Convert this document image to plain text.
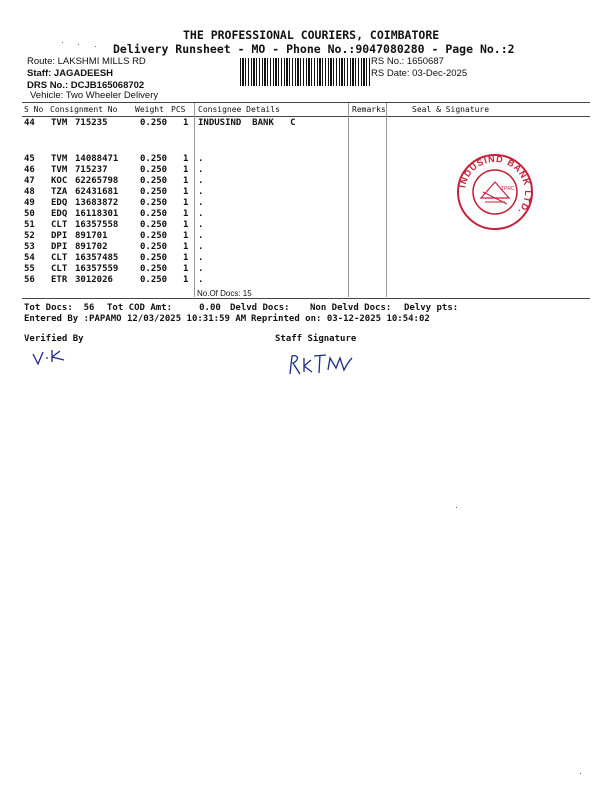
THE PROFESSIONAL COURIERS, COIMBATORE
Delivery Runsheet - MO - Phone No.:9047080280 - Page No.:2
Route: LAKSHMI MILLS RD
Staff: JAGADEESH
DRS No.: DCJB165068702
Vehicle: Two Wheeler Delivery
RS No.: 1650687
RS Date: 03-Dec-2025
S No Consignment No Weight PCS Consignee Details	Remarks	Seal & Signature
44 TVM 715235	0.250 1 INDUSIND  BANK   C
45 TVM 14088471 0.250 1 .
46 TVM 715237	0.250 1 .
47 KOC 62265798 0.250 1 .
48 TZA 62431681 0.250 1 .
49 EDQ 13683872 0.250 1 .
50 EDQ 16118301 0.250 1 .
51 CLT 16357558 0.250 1 .
52 DPI 891701	0.250 1 .
53 DPI 891702	0.250 1 .
54 CLT 16357485 0.250 1 .
55 CLT 16357559 0.250 1 .
56 ETR 3012026	0.250 1 .
No.Of Docs: 15
Tot Docs:  56 Tot COD Amt:     0.00 Delvd Docs: Non Delvd Docs: Delvy pts:
Entered By :PAPAMO 12/03/2025 10:31:59 AM Reprinted on: 03-12-2025 10:54:02
Verified By	Staff Signature
INDUSIND BANK LTD.
TPRC
